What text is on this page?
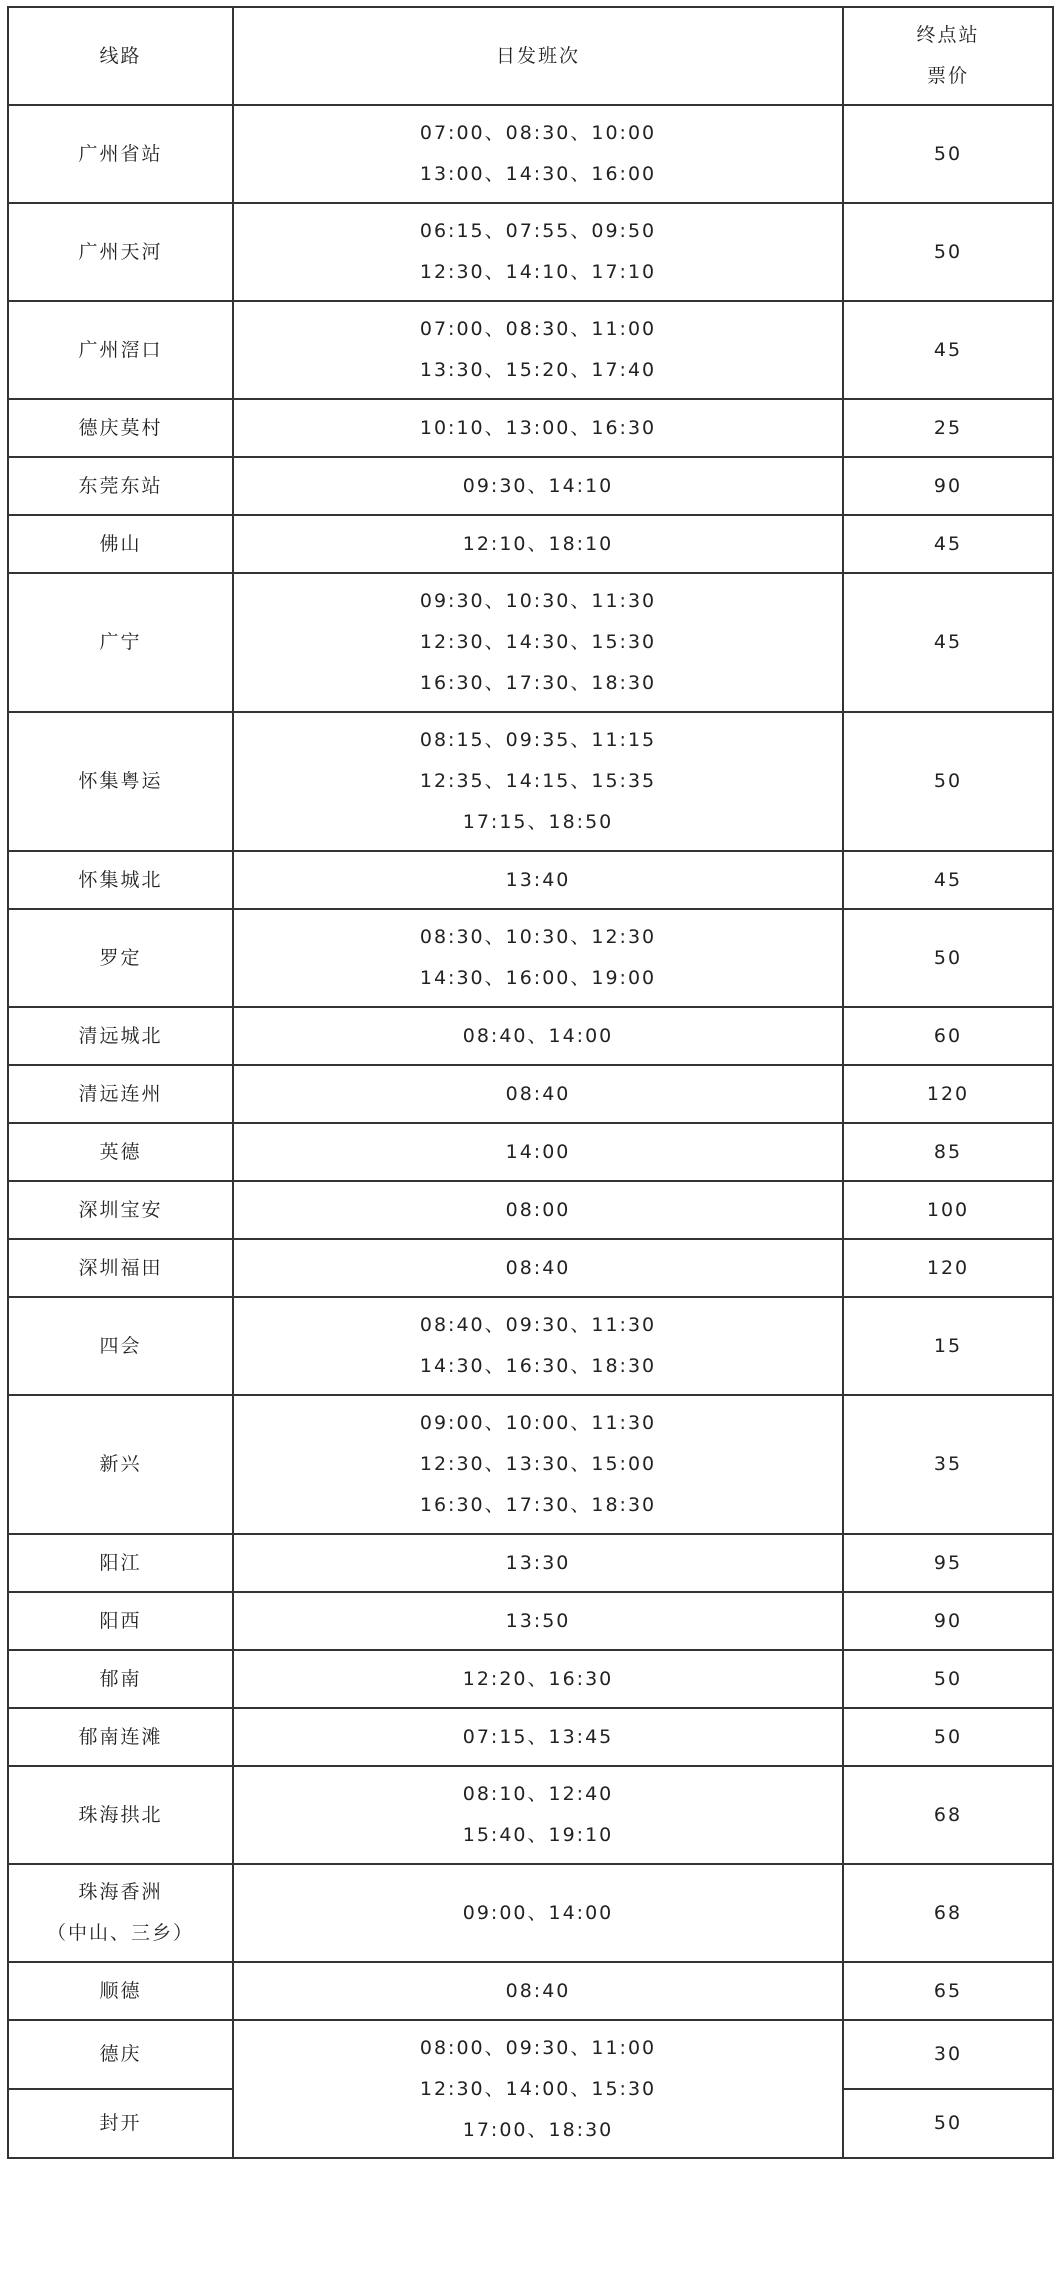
线路	日发班次	终点站
票价

广州省站	07:00、08:30、10:00
13:00、14:30、16:00	50

广州天河	06:15、07:55、09:50
12:30、14:10、17:10	50

广州滘口	07:00、08:30、11:00
13:30、15:20、17:40	45

德庆莫村	10:10、13:00、16:30	25

东莞东站	09:30、14:10	90

佛山	12:10、18:10	45

广宁	09:30、10:30、11:30
12:30、14:30、15:30
16:30、17:30、18:30	45

怀集粤运	08:15、09:35、11:15
12:35、14:15、15:35
17:15、18:50	50

怀集城北	13:40	45

罗定	08:30、10:30、12:30
14:30、16:00、19:00	50

清远城北	08:40、14:00	60

清远连州	08:40	120

英德	14:00	85

深圳宝安	08:00	100

深圳福田	08:40	120

四会	08:40、09:30、11:30
14:30、16:30、18:30	15

新兴	09:00、10:00、11:30
12:30、13:30、15:00
16:30、17:30、18:30	35

阳江	13:30	95

阳西	13:50	90

郁南	12:20、16:30	50

郁南连滩	07:15、13:45	50

珠海拱北	08:10、12:40
15:40、19:10	68

珠海香洲
（中山、三乡）	09:00、14:00	68

顺德	08:40	65
德庆	08:00、09:30、11:00
12:30、14:00、15:30
17:00、18:30	30
封开		50
